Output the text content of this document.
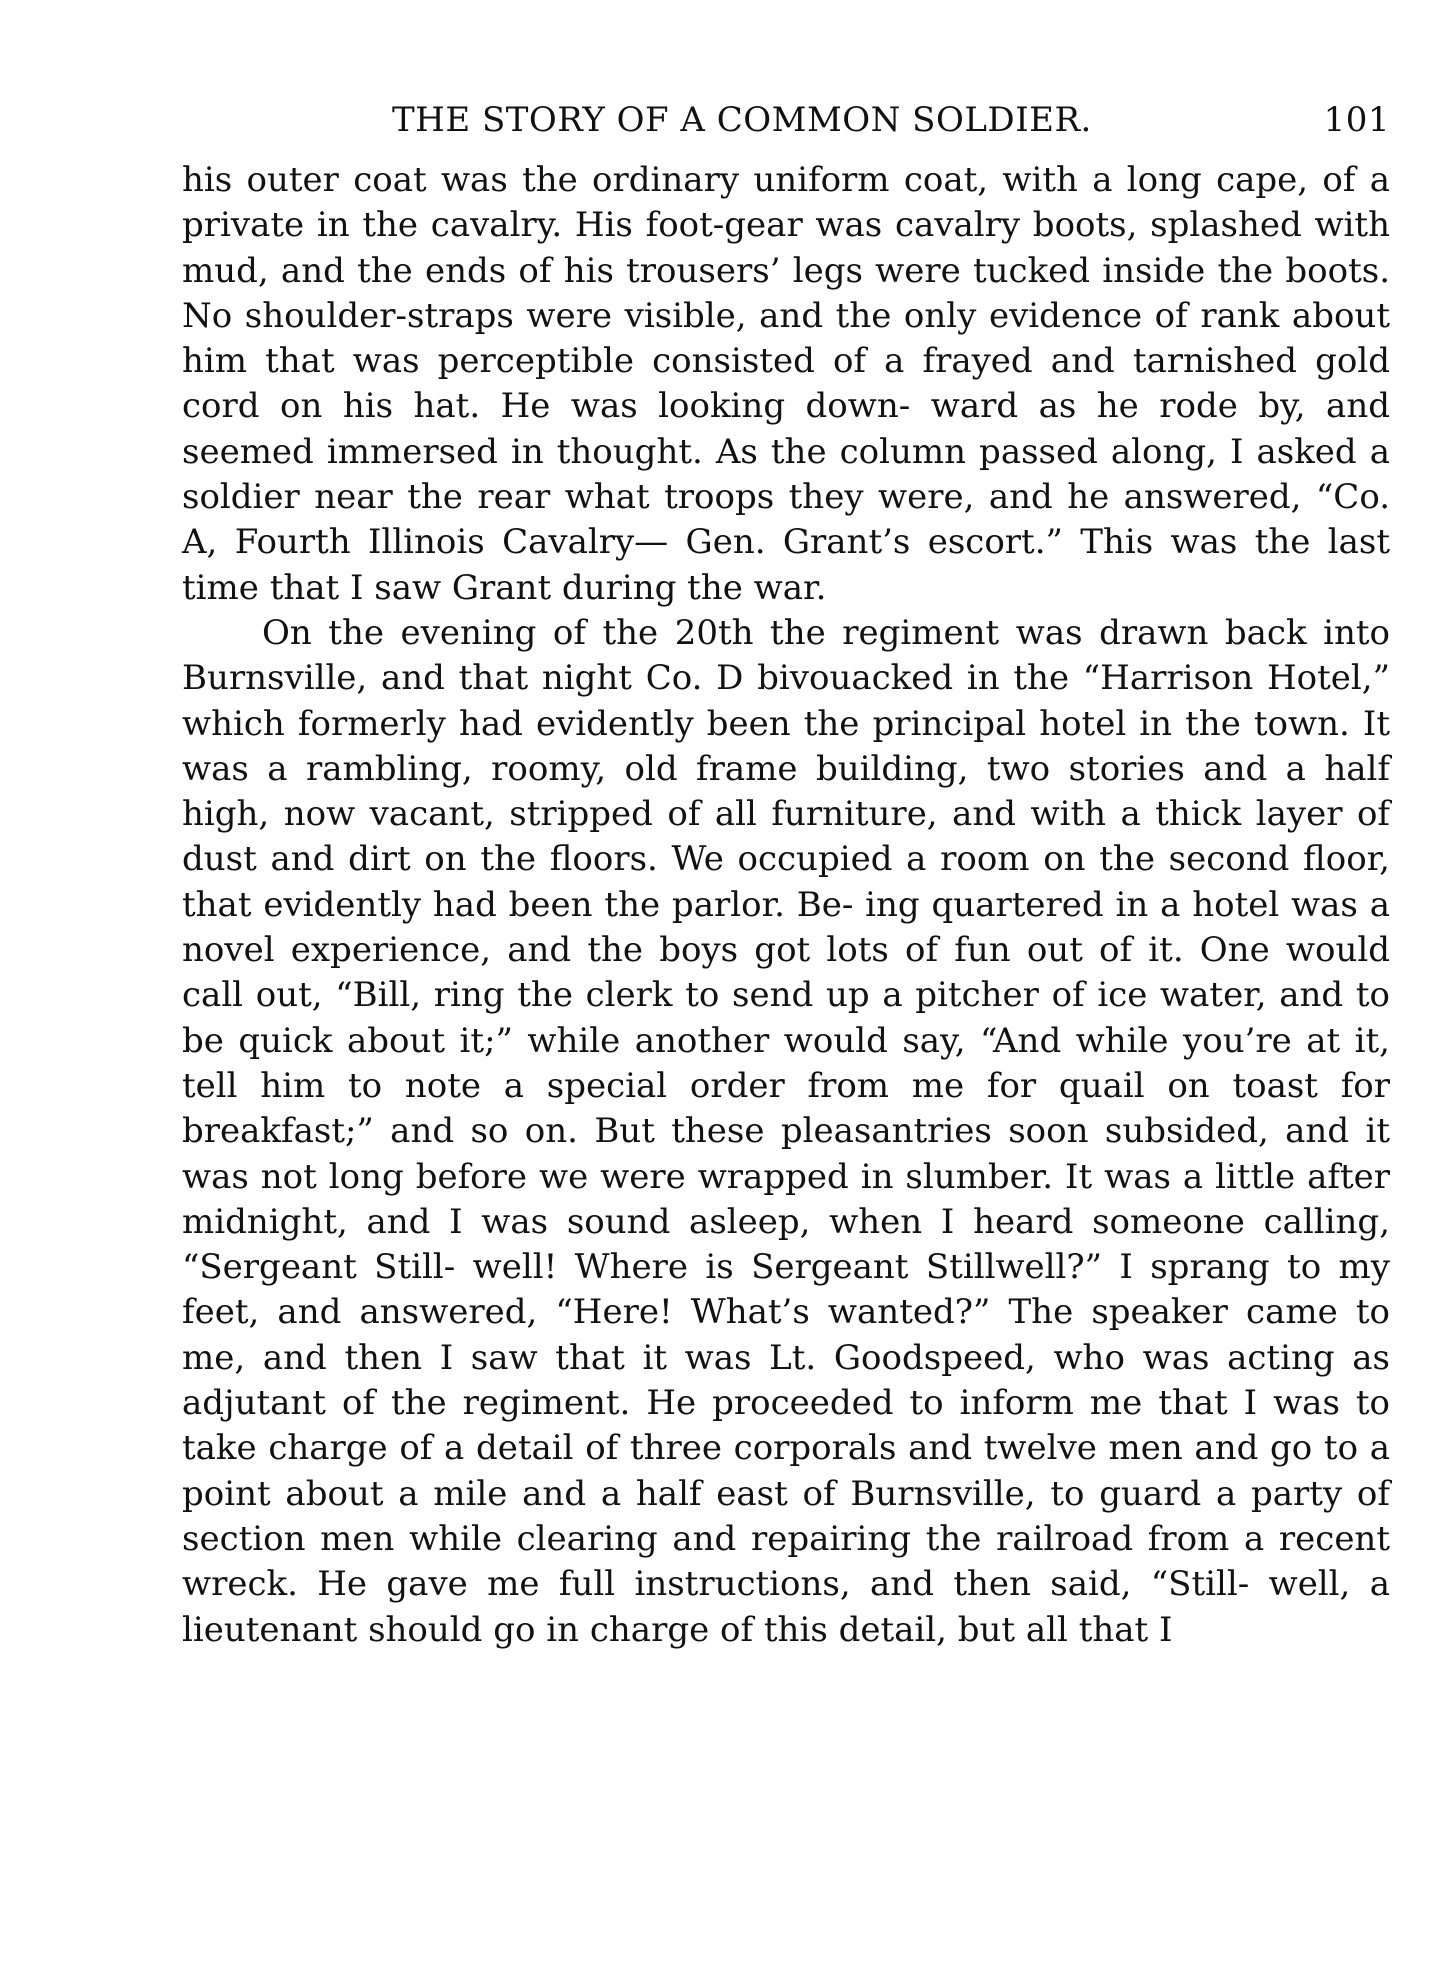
THE STORY OF A COMMON SOLDIER.	101

his outer coat was the ordinary uniform coat, with a long cape, of a private in the cavalry. His foot-gear was cavalry boots, splashed with mud, and the ends of his trousers’ legs were tucked inside the boots. No shoulder-straps were visible, and the only evidence of rank about him that was perceptible consisted of a frayed and tarnished gold cord on his hat. He was looking down- ward as he rode by, and seemed immersed in thought. As the column passed along, I asked a soldier near the rear what troops they were, and he answered, “Co. A, Fourth Illinois Cavalry— Gen. Grant’s escort.” This was the last time that I saw Grant during the war.

On the evening of the 20th the regiment was drawn back into Burnsville, and that night Co. D bivouacked in the “Harrison Hotel,” which formerly had evidently been the principal hotel in the town. It was a rambling, roomy, old frame building, two stories and a half high, now vacant, stripped of all furniture, and with a thick layer of dust and dirt on the floors. We occupied a room on the second floor, that evidently had been the parlor. Be- ing quartered in a hotel was a novel experience, and the boys got lots of fun out of it. One would call out, “Bill, ring the clerk to send up a pitcher of ice water, and to be quick about it;” while another would say, “And while you’re at it, tell him to note a special order from me for quail on toast for breakfast;” and so on. But these pleasantries soon subsided, and it was not long before we were wrapped in slumber. It was a little after midnight, and I was sound asleep, when I heard someone calling, “Sergeant Still- well! Where is Sergeant Stillwell?” I sprang to my feet, and answered, “Here! What’s wanted?” The speaker came to me, and then I saw that it was Lt. Goodspeed, who was acting as adjutant of the regiment. He proceeded to inform me that I was to take charge of a detail of three corporals and twelve men and go to a point about a mile and a half east of Burnsville, to guard a party of section men while clearing and repairing the railroad from a recent wreck. He gave me full instructions, and then said, “Still- well, a lieutenant should go in charge of this detail, but all that I
